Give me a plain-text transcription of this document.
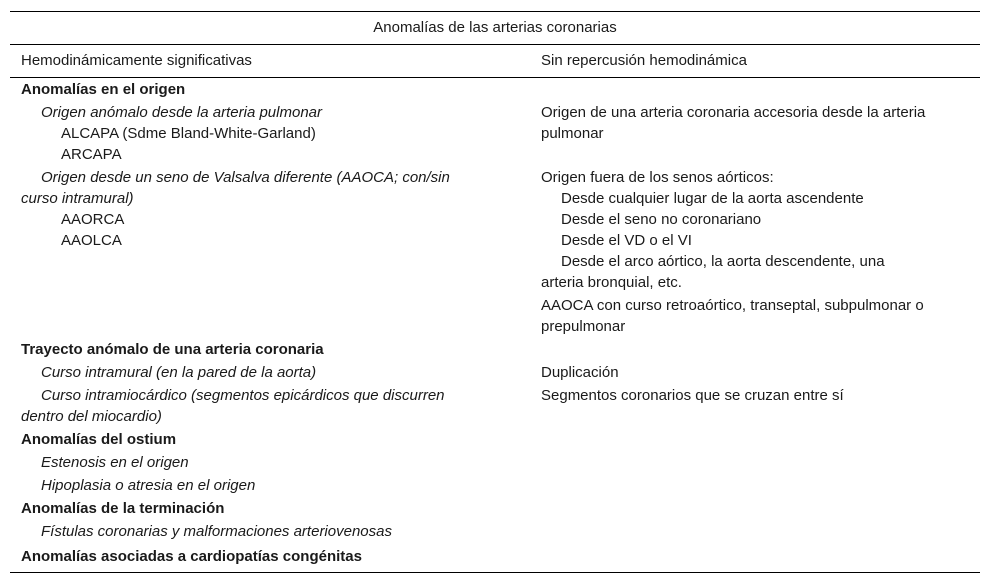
Anomalías de las arterias coronarias
Hemodinámicamente significativas	Sin repercusión hemodinámica
Anomalías en el origen
Origen anómalo desde la arteria pulmonar
ALCAPA (Sdme Bland-White-Garland)
ARCAPA
Origen desde un seno de Valsalva diferente (AAOCA; con/sin
curso intramural)
AAORCA
AAOLCA
Trayecto anómalo de una arteria coronaria
Curso intramural (en la pared de la aorta)
Curso intramiocárdico (segmentos epicárdicos que discurren
dentro del miocardio)
Anomalías del ostium
Estenosis en el origen
Hipoplasia o atresia en el origen
Anomalías de la terminación
Fístulas coronarias y malformaciones arteriovenosas
Anomalías asociadas a cardiopatías congénitas
Origen de una arteria coronaria accesoria desde la arteria
pulmonar
Origen fuera de los senos aórticos:
Desde cualquier lugar de la aorta ascendente
Desde el seno no coronariano
Desde el VD o el VI
Desde el arco aórtico, la aorta descendente, una
arteria bronquial, etc.
AAOCA con curso retroaórtico, transeptal, subpulmonar o
prepulmonar
Duplicación
Segmentos coronarios que se cruzan entre sí
